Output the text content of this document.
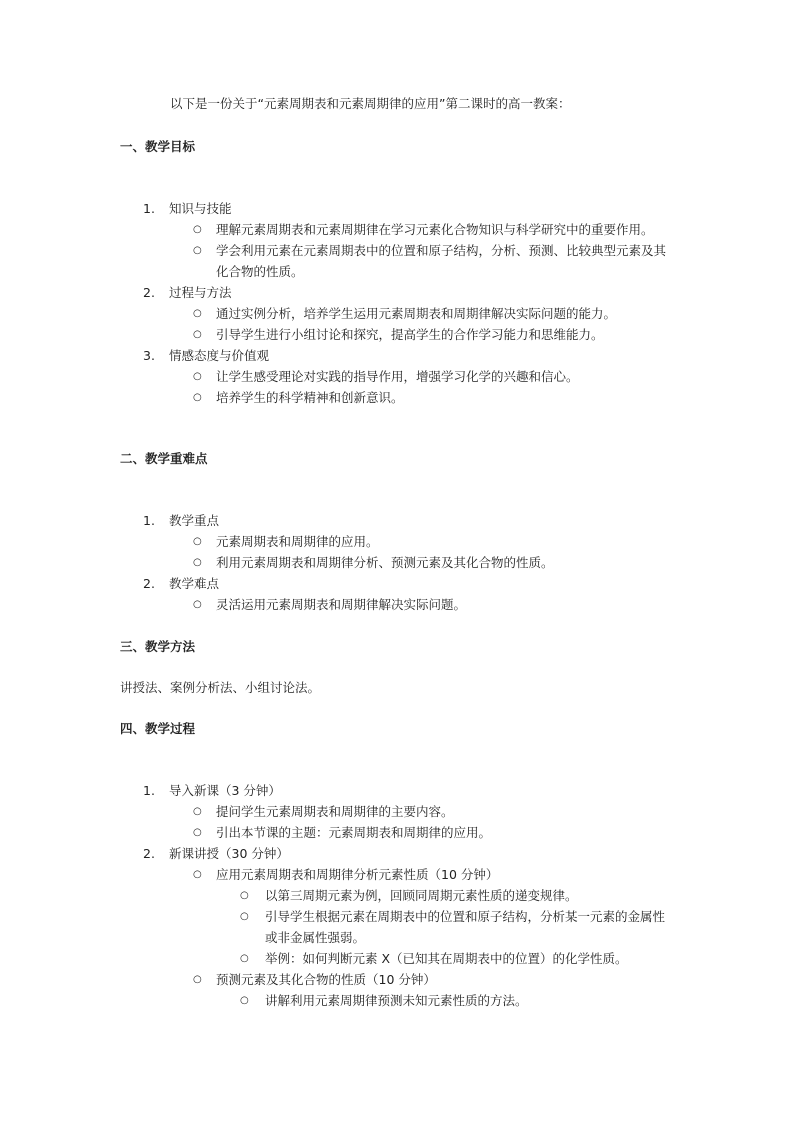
以下是一份关于“元素周期表和元素周期律的应用”第二课时的高一教案：
一、教学目标
1. 知识与技能
○ 理解元素周期表和元素周期律在学习元素化合物知识与科学研究中的重要作用。
○ 学会利用元素在元素周期表中的位置和原子结构，分析、预测、比较典型元素及其化合物的性质。
2. 过程与方法
○ 通过实例分析，培养学生运用元素周期表和周期律解决实际问题的能力。
○ 引导学生进行小组讨论和探究，提高学生的合作学习能力和思维能力。
3. 情感态度与价值观
○ 让学生感受理论对实践的指导作用，增强学习化学的兴趣和信心。
○ 培养学生的科学精神和创新意识。
二、教学重难点
1. 教学重点
○ 元素周期表和周期律的应用。
○ 利用元素周期表和周期律分析、预测元素及其化合物的性质。
2. 教学难点
○ 灵活运用元素周期表和周期律解决实际问题。
三、教学方法
讲授法、案例分析法、小组讨论法。
四、教学过程
1. 导入新课（3 分钟）
○ 提问学生元素周期表和周期律的主要内容。
○ 引出本节课的主题：元素周期表和周期律的应用。
2. 新课讲授（30 分钟）
○ 应用元素周期表和周期律分析元素性质（10 分钟）
○ 以第三周期元素为例，回顾同周期元素性质的递变规律。
○ 引导学生根据元素在周期表中的位置和原子结构，分析某一元素的金属性或非金属性强弱。
○ 举例：如何判断元素 X（已知其在周期表中的位置）的化学性质。
○ 预测元素及其化合物的性质（10 分钟）
○ 讲解利用元素周期律预测未知元素性质的方法。
